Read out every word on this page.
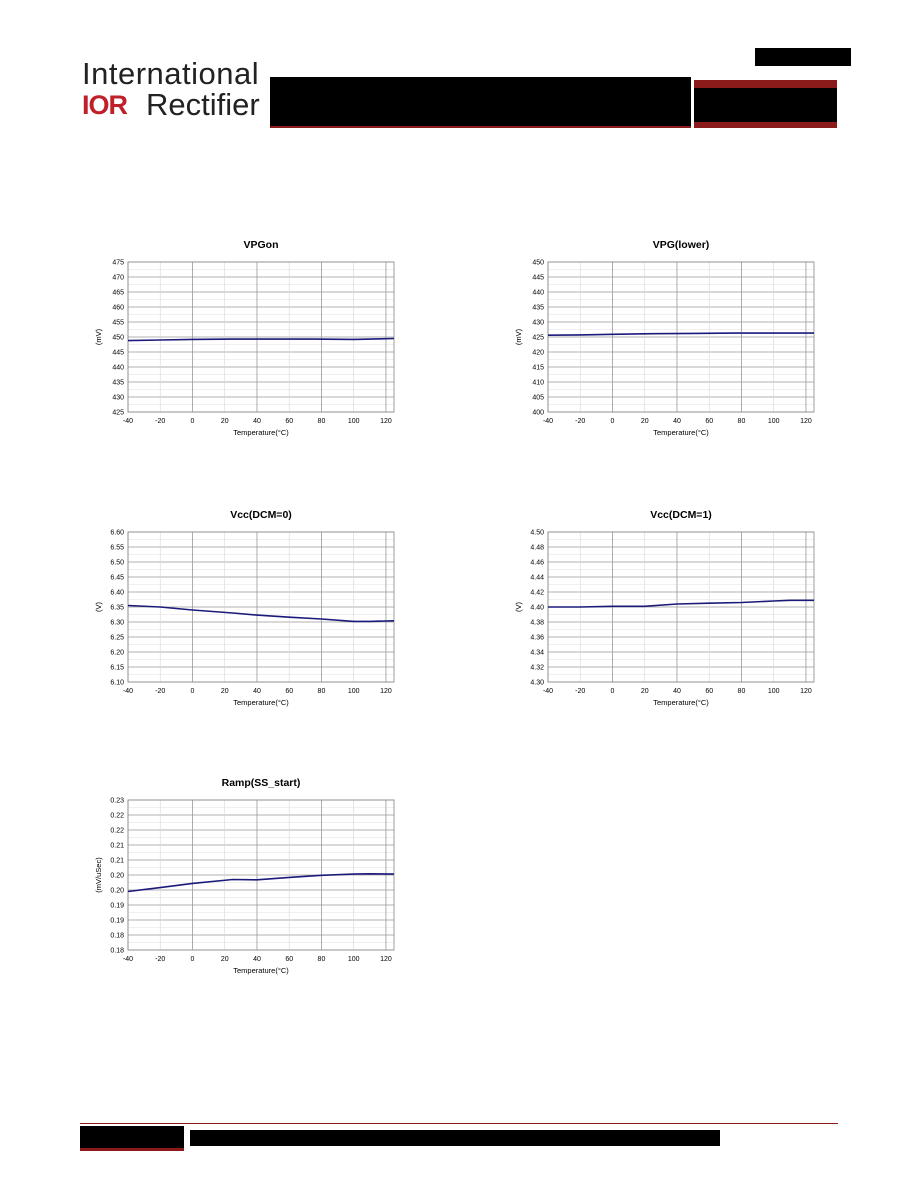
International
IOR Rectifier
VPGon
425
430
435
440
445
450
455
460
465
470
475
-40	-20	0	20	40	60	80	100	120
Temperature(°C)
(mV)
VPG(lower)
400
405
410
415
420
425
430
435
440
445
450
-40	-20	0	20	40	60	80	100	120
Temperature(°C)
(mV)
Vcc(DCM=0)
6.10
6.15
6.20
6.25
6.30
6.35
6.40
6.45
6.50
6.55
6.60
-40	-20	0	20	40	60	80	100	120
Temperature(°C)
(V)
Vcc(DCM=1)
4.30
4.32
4.34
4.36
4.38
4.40
4.42
4.44
4.46
4.48
4.50
-40	-20	0	20	40	60	80	100	120
Temperature(°C)
(V)
Ramp(SS_start)
0.18
0.18
0.19
0.19
0.20
0.20
0.21
0.21
0.22
0.22
0.23
-40	-20	0	20	40	60	80	100	120
Temperature(°C)
(mV/uSec)
